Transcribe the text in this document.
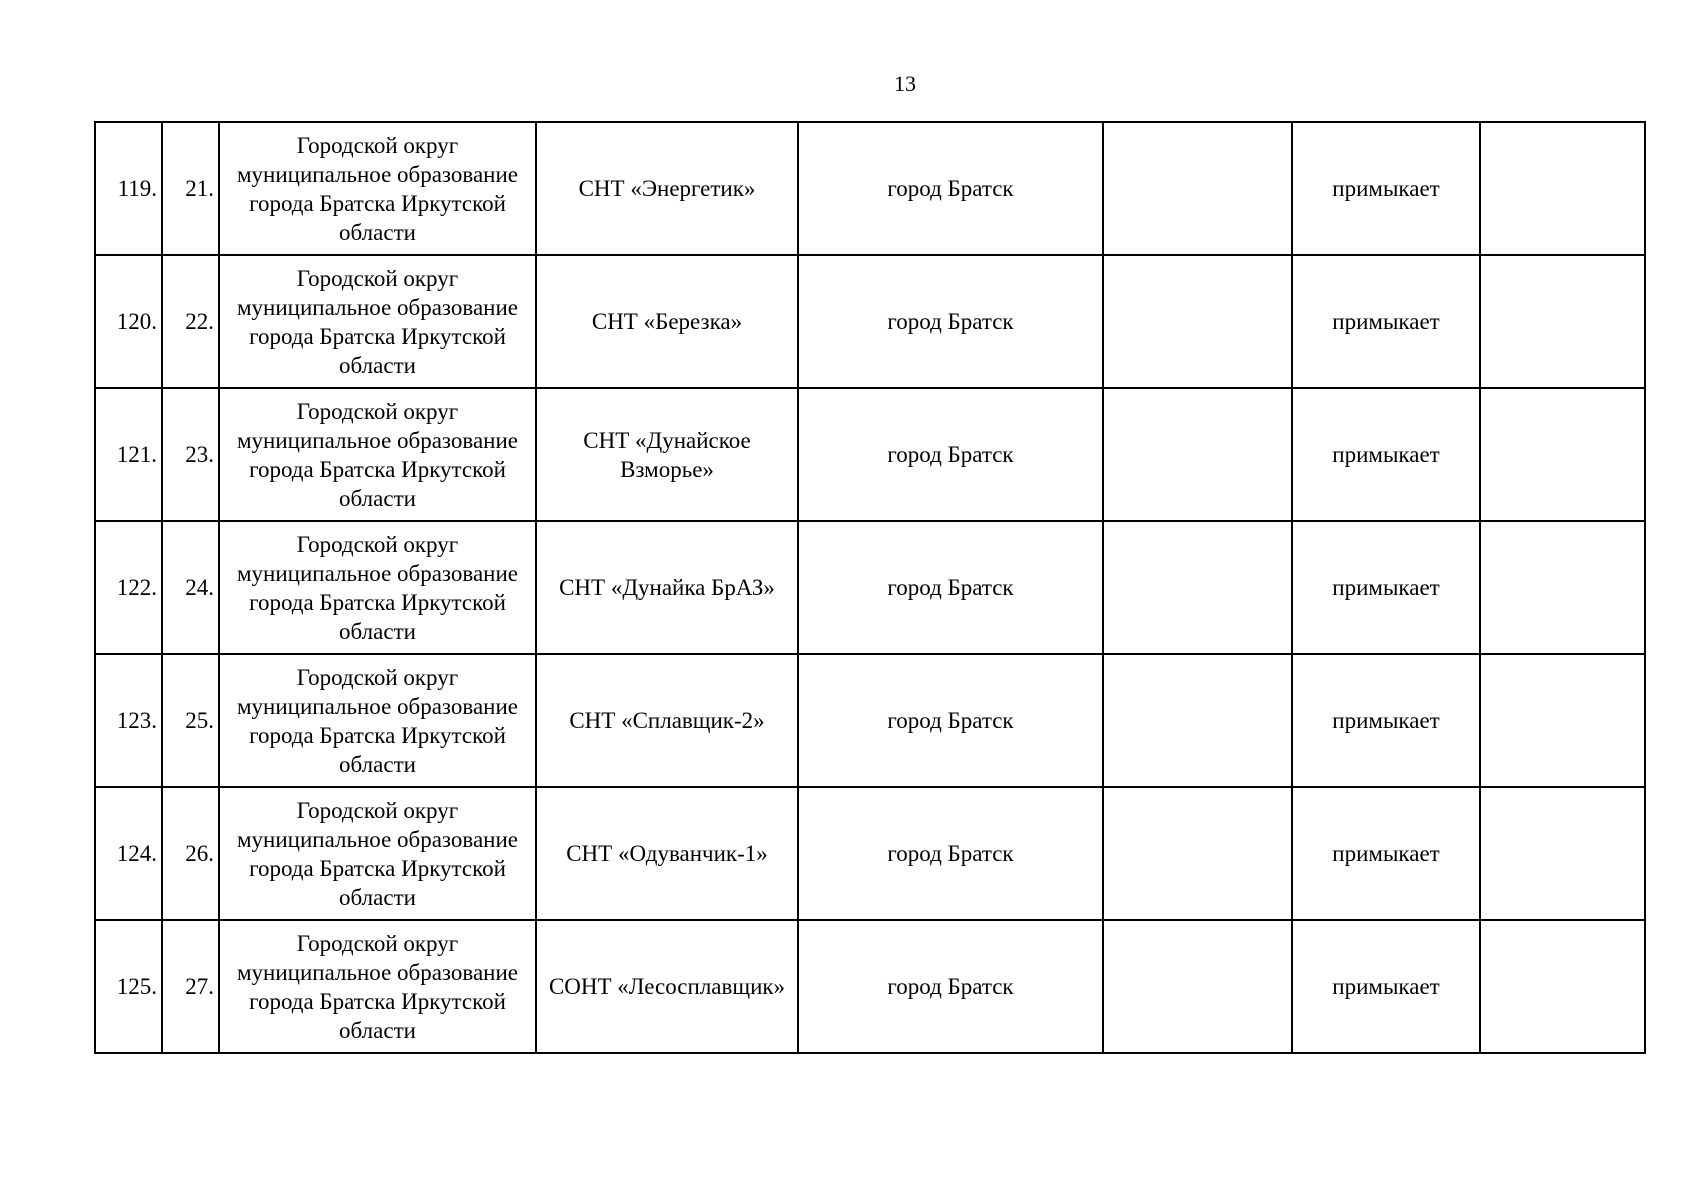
13
119.	21.	Городской округ муниципальное образование города Братска Иркутской области	СНТ «Энергетик»	город Братск		примыкает	
120.	22.	Городской округ муниципальное образование города Братска Иркутской области	СНТ «Березка»	город Братск		примыкает	
121.	23.	Городской округ муниципальное образование города Братска Иркутской области	СНТ «Дунайское Взморье»	город Братск		примыкает	
122.	24.	Городской округ муниципальное образование города Братска Иркутской области	СНТ «Дунайка БрАЗ»	город Братск		примыкает	
123.	25.	Городской округ муниципальное образование города Братска Иркутской области	СНТ «Сплавщик-2»	город Братск		примыкает	
124.	26.	Городской округ муниципальное образование города Братска Иркутской области	СНТ «Одуванчик-1»	город Братск		примыкает	
125.	27.	Городской округ муниципальное образование города Братска Иркутской области	СОНТ «Лесосплавщик»	город Братск		примыкает	
